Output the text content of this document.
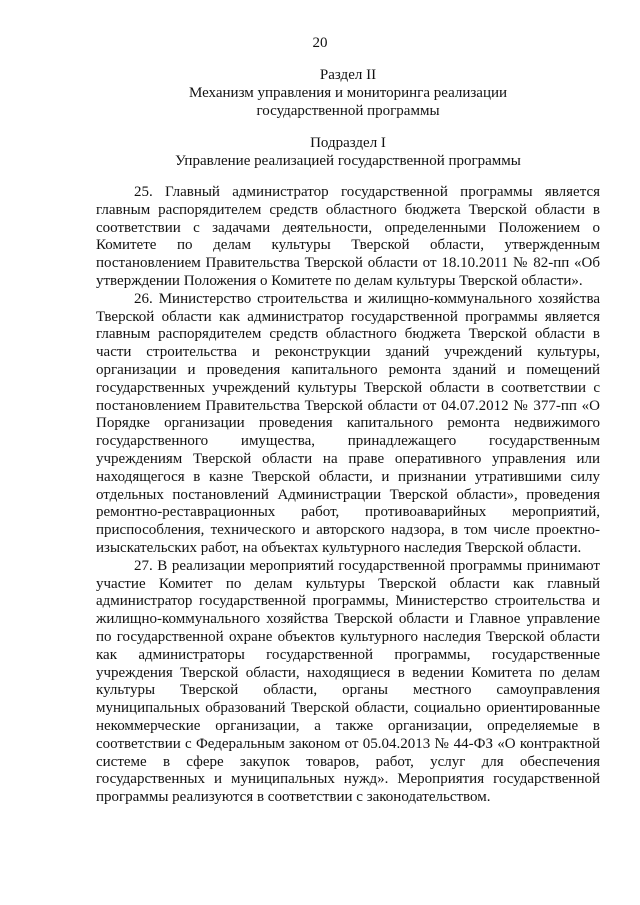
20
Раздел II
Механизм управления и мониторинга реализации
государственной программы
Подраздел I
Управление реализацией государственной программы

25. Главный администратор государственной программы является главным распорядителем средств областного бюджета Тверской области в соответствии с задачами деятельности, определенными Положением о Комитете по делам культуры Тверской области, утвержденным постановлением Правительства Тверской области от 18.10.2011 № 82-пп «Об утверждении Положения о Комитете по делам культуры Тверской области».

26. Министерство строительства и жилищно-коммунального хозяйства Тверской области как администратор государственной программы является главным распорядителем средств областного бюджета Тверской области в части строительства и реконструкции зданий учреждений культуры, организации и проведения капитального ремонта зданий и помещений государственных учреждений культуры Тверской области в соответствии с постановлением Правительства Тверской области от 04.07.2012 № 377-пп «О Порядке организации проведения капитального ремонта недвижимого государственного имущества, принадлежащего государственным учреждениям Тверской области на праве оперативного управления или находящегося в казне Тверской области, и признании утратившими силу отдельных постановлений Администрации Тверской области», проведения ремонтно-реставрационных работ, противоаварийных мероприятий, приспособления, технического и авторского надзора, в том числе проектно-изыскательских работ, на объектах культурного наследия Тверской области.

27. В реализации мероприятий государственной программы принимают участие Комитет по делам культуры Тверской области как главный администратор государственной программы, Министерство строительства и жилищно-коммунального хозяйства Тверской области и Главное управление по государственной охране объектов культурного наследия Тверской области как администраторы государственной программы, государственные учреждения Тверской области, находящиеся в ведении Комитета по делам культуры Тверской области, органы местного самоуправления муниципальных образований Тверской области, социально ориентированные некоммерческие организации, а также организации, определяемые в соответствии с Федеральным законом от 05.04.2013 № 44-ФЗ «О контрактной системе в сфере закупок товаров, работ, услуг для обеспечения государственных и муниципальных нужд». Мероприятия государственной программы реализуются в соответствии с законодательством.
